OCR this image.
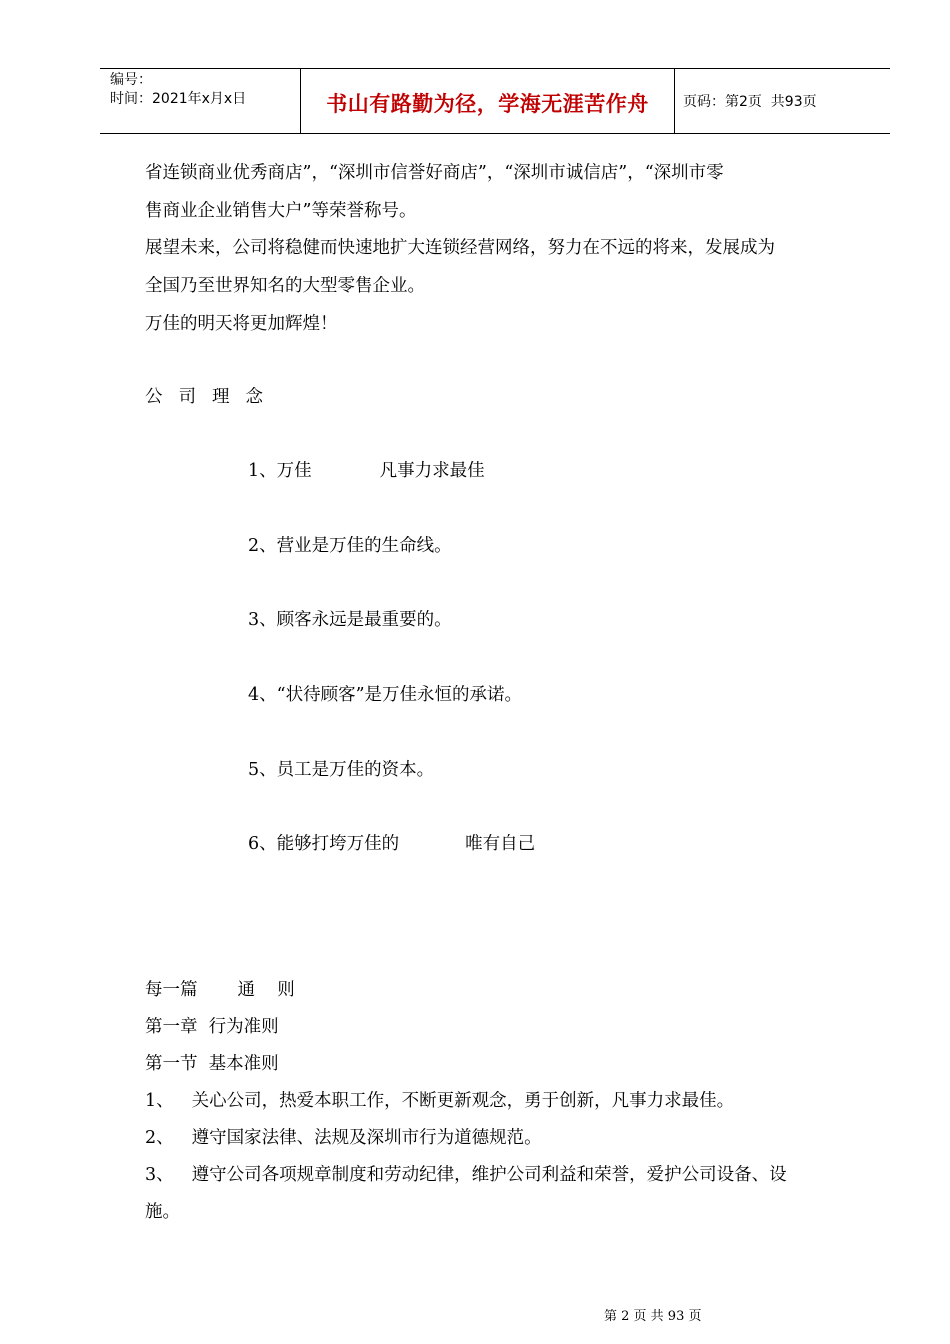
编号：
时间：2021年x月x日	书山有路勤为径，学海无涯苦作舟	页码：第2页  共93页
省连锁商业优秀商店”，“深圳市信誉好商店”，“深圳市诚信店”，“深圳市零
售商业企业销售大户”等荣誉称号。
展望未来，公司将稳健而快速地扩大连锁经营网络，努力在不远的将来，发展成为
全国乃至世界知名的大型零售企业。
万佳的明天将更加辉煌！
公司理念
1、万佳	凡事力求最佳
2、营业是万佳的生命线。
3、顾客永远是最重要的。
4、“状待顾客”是万佳永恒的承诺。
5、员工是万佳的资本。
6、能够打垮万佳的	唯有自己
每一篇 通    则
第一章  行为准则
第一节  基本准则
1、 关心公司，热爱本职工作，不断更新观念，勇于创新，凡事力求最佳。
2、 遵守国家法律、法规及深圳市行为道德规范。
3、 遵守公司各项规章制度和劳动纪律，维护公司利益和荣誉，爱护公司设备、设
施。
第 2 页 共 93 页
